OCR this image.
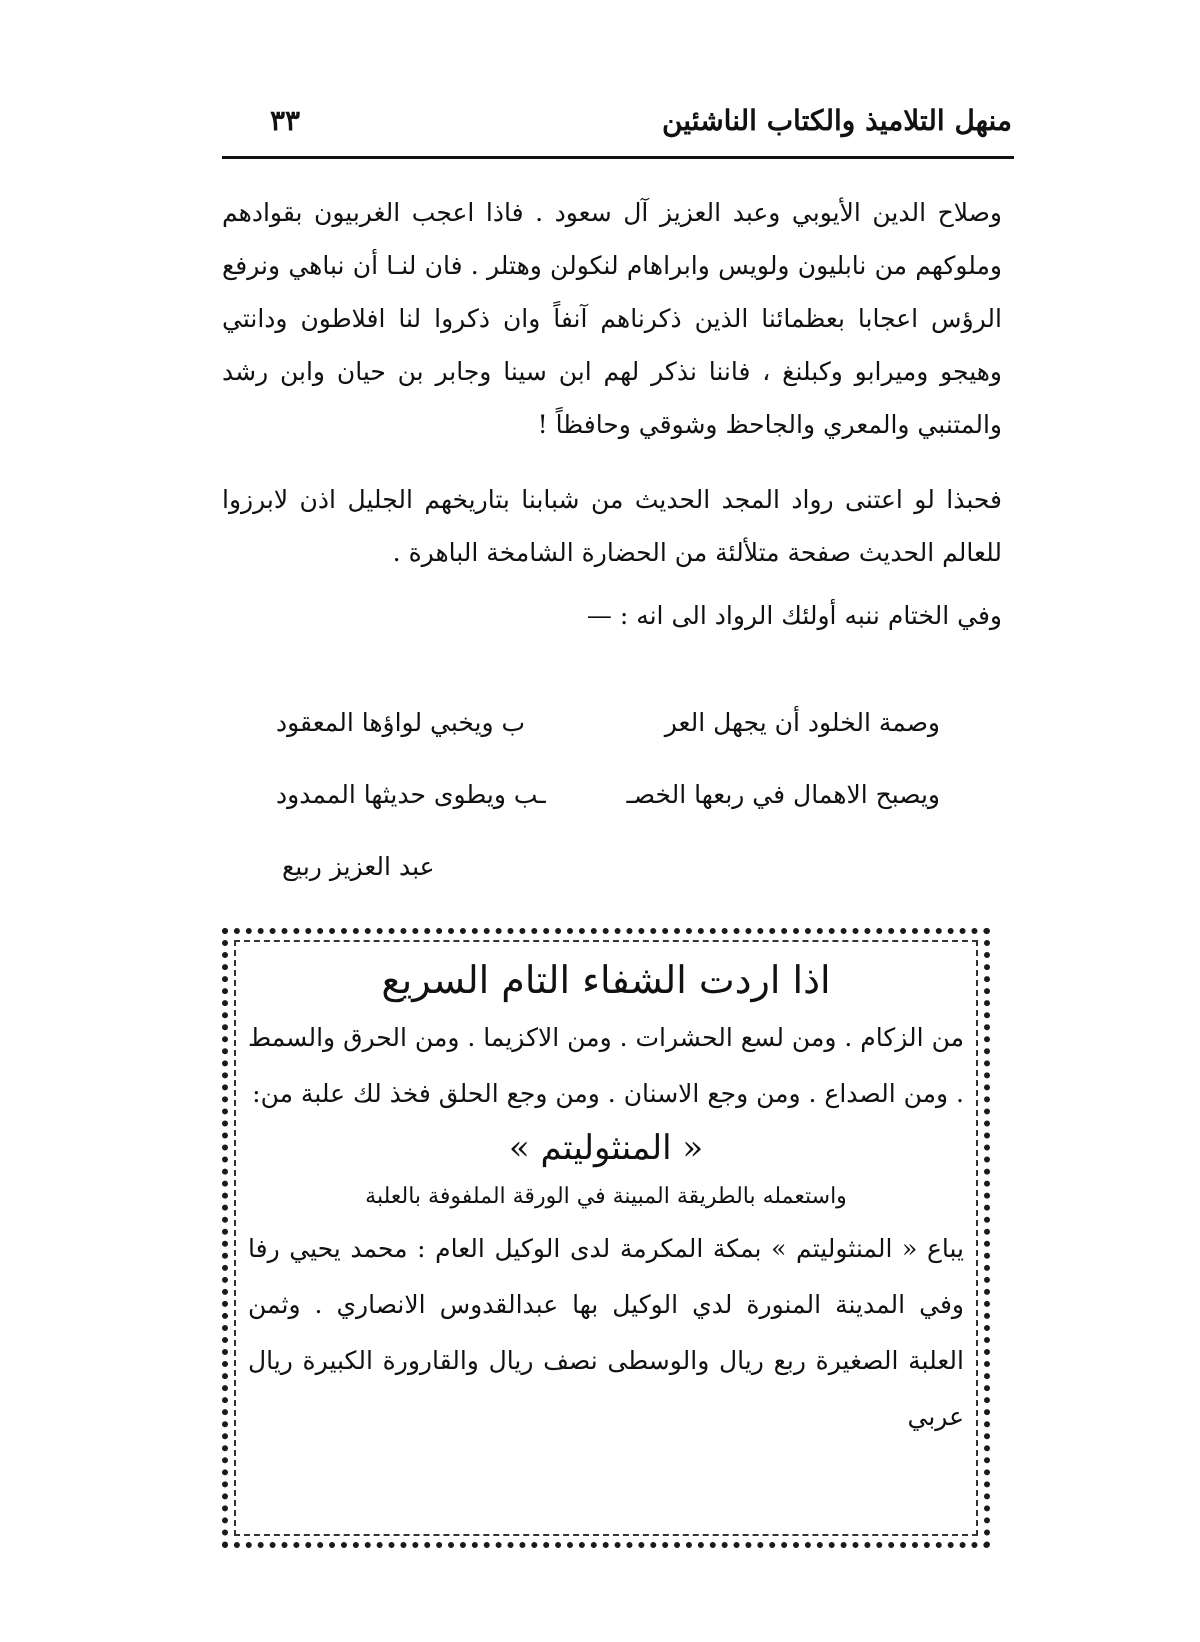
منهل التلاميذ والكتاب الناشئين
٣٣

وصلاح الدين الأيوبي وعبد العزيز آل سعود . فاذا اعجب الغربيون بقوادهم وملوكهم من نابليون ولويس وابراهام لنكولن وهتلر . فان لنـا أن نباهي ونرفع الرؤس اعجابا بعظمائنا الذين ذكرناهم آنفاً وان ذكروا لنا افلاطون ودانتي وهيجو وميرابو وكبلنغ ، فاننا نذكر لهم ابن سينا وجابر بن حيان وابن رشد والمتنبي والمعري والجاحظ وشوقي وحافظاً !

فحبذا لو اعتنى رواد المجد الحديث من شبابنا بتاريخهم الجليل اذن لابرزوا للعالم الحديث صفحة متلألئة من الحضارة الشامخة الباهرة .

وفي الختام ننبه أولئك الرواد الى انه : —

وصمة الخلود أن يجهل العر
ب ويخبي لواؤها المعقود
ويصبح الاهمال في ربعها الخصـ
ـب ويطوى حديثها الممدود
عبد العزيز ربيع
اذا اردت الشفاء التام السريع

من الزكام . ومن لسع الحشرات . ومن الاكزيما . ومن الحرق والسمط . ومن الصداع . ومن وجع الاسنان . ومن وجع الحلق فخذ لك علبة من:

« المنثوليتم »
واستعمله بالطريقة المبينة في الورقة الملفوفة بالعلبة

يباع « المنثوليتم » بمكة المكرمة لدى الوكيل العام : محمد يحيي رفا وفي المدينة المنورة لدي الوكيل بها عبدالقدوس الانصاري . وثمن العلبة الصغيرة ربع ريال والوسطى نصف ريال والقارورة الكبيرة ريال عربي
